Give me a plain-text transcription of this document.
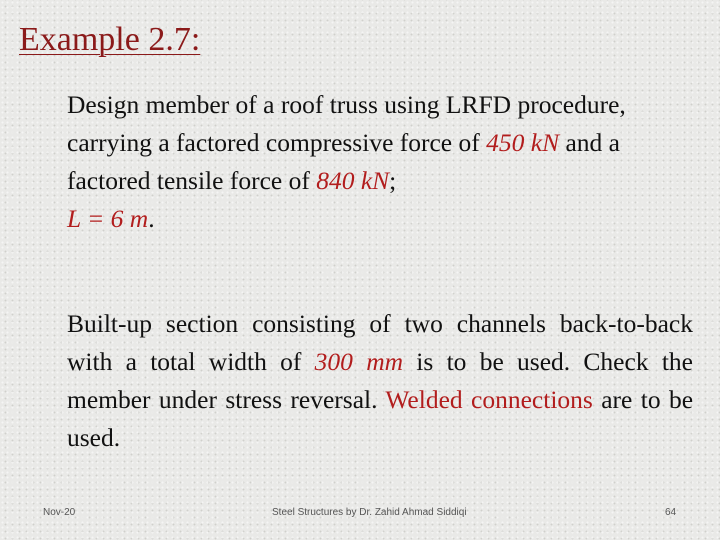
Example 2.7:
Design member of a roof truss using LRFD procedure, carrying a factored compressive force of 450 kN and a factored tensile force of 840 kN;
L = 6 m.
Built-up section consisting of two channels back-to-back with a total width of 300 mm is to be used. Check the member under stress reversal. Welded connections are to be used.
Nov-20	Steel Structures by Dr. Zahid Ahmad Siddiqi	64
